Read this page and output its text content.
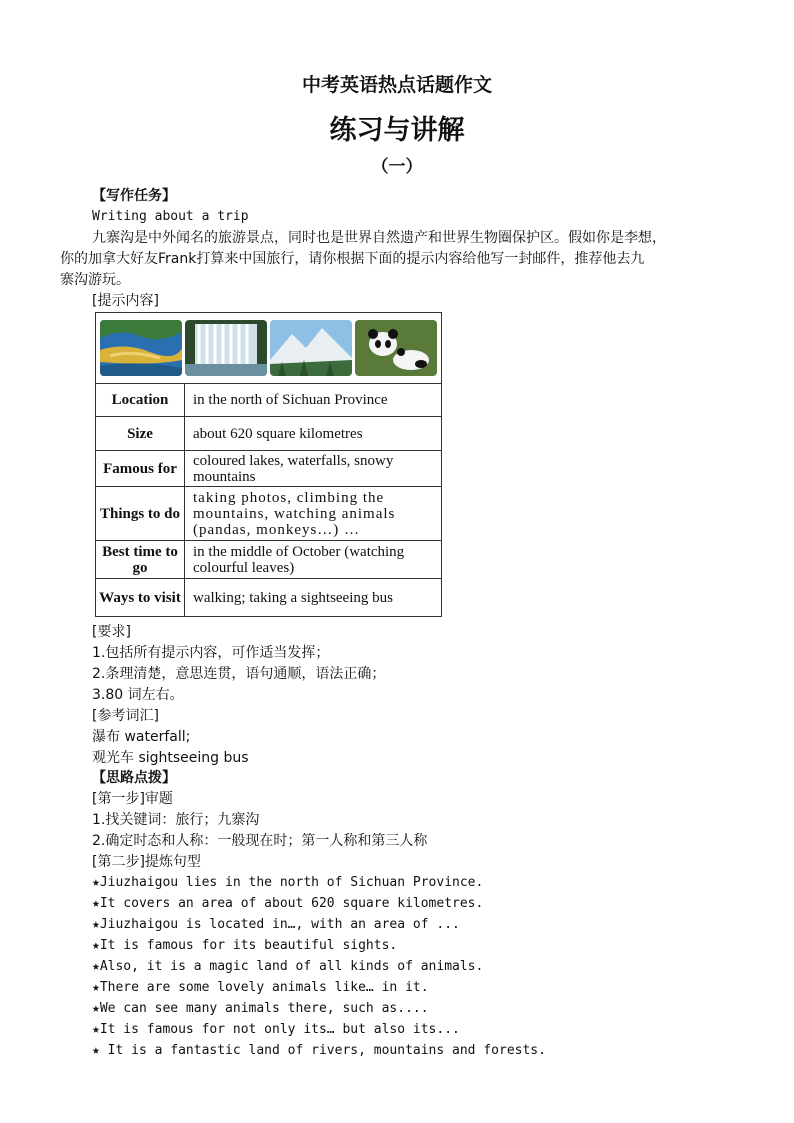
中考英语热点话题作文
练习与讲解
（一）
【写作任务】
Writing about a trip
九寨沟是中外闻名的旅游景点，同时也是世界自然遗产和世界生物圈保护区。假如你是李想，
你的加拿大好友Frank打算来中国旅行，请你根据下面的提示内容给他写一封邮件，推荐他去九
寨沟游玩。
[提示内容]

Location	in the north of Sichuan Province
Size	about 620 square kilometres
Famous for	coloured lakes, waterfalls, snowy mountains
Things to do	taking photos, climbing the mountains, watching animals (pandas, monkeys…) …
Best time to go	in the middle of October (watching colourful leaves)
Ways to visit	walking; taking a sightseeing bus
[要求]
1.包括所有提示内容，可作适当发挥；
2.条理清楚，意思连贯，语句通顺，语法正确；
3.80 词左右。
[参考词汇]
瀑布 waterfall;
观光车 sightseeing bus
【思路点拨】
[第一步]审题
1.找关键词：旅行；九寨沟
2.确定时态和人称：一般现在时；第一人称和第三人称
[第二步]提炼句型
★Jiuzhaigou lies in the north of Sichuan Province.
★It covers an area of about 620 square kilometres.
★Jiuzhaigou is located in…, with an area of ...
★It is famous for its beautiful sights.
★Also, it is a magic land of all kinds of animals.
★There are some lovely animals like… in it.
★We can see many animals there, such as....
★It is famous for not only its… but also its...
★ It is a fantastic land of rivers, mountains and forests.
